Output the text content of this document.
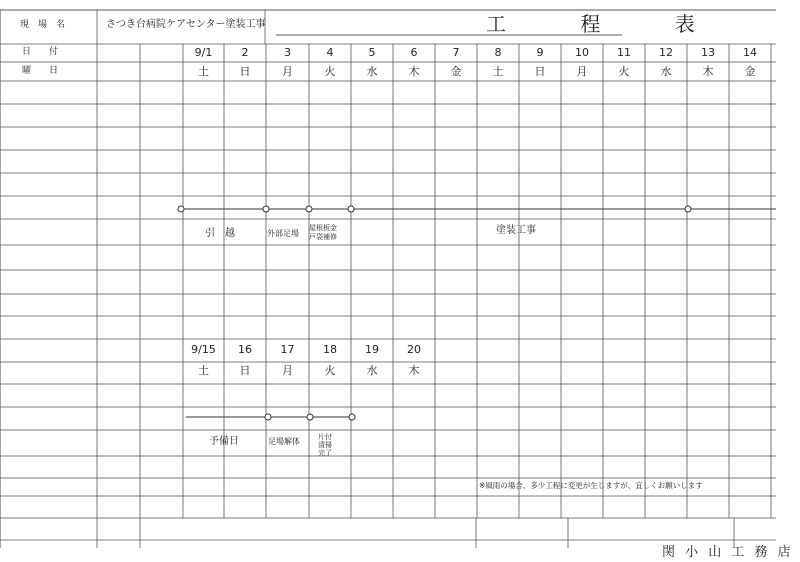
現　場　名	さつき台病院ケアセンター塗装工事	工 程 表
日　　付
曜　　日
9/1	2	3	4	5	6	7	8	9	10	11	12	13	14
土	日	月	火	水	木	金	土	日	月	火	水	木	金
引　越	外部足場
屋根板金
戸袋補修
塗装工事
9/15	16	17	18	19	20
土	日	月	火	水	木
予備日	足場解体	片付
清掃
完了
※風雨の場合、多少工程に変更が生じますが、宜しくお願いします
関 小 山 工 務 店
